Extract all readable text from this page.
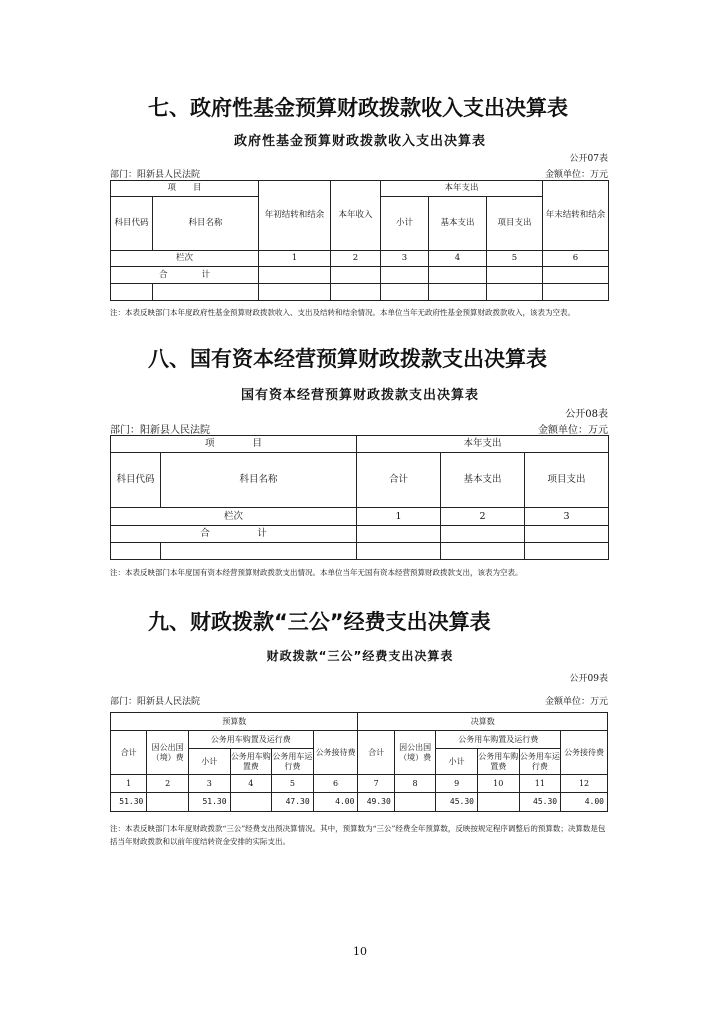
七、政府性基金预算财政拨款收入支出决算表
政府性基金预算财政拨款收入支出决算表
公开07表
部门：阳新县人民法院	金额单位：万元
项　　目		年初结转和结余	本年收入	本年支出			年末结转和结余
科目代码	科目名称			小计	基本支出	项目支出	
栏次		1	2	3	4	5	6
合　　　　计							

注：本表反映部门本年度政府性基金预算财政拨款收入、支出及结转和结余情况。本单位当年无政府性基金预算财政拨款收入，该表为空表。
八、国有资本经营预算财政拨款支出决算表
国有资本经营预算财政拨款支出决算表
公开08表
部门：阳新县人民法院	金额单位：万元
项　　　　目		本年支出		
科目代码	科目名称	合计	基本支出	项目支出
栏次		1	2	3
合　　　　　计				

注：本表反映部门本年度国有资本经营预算财政拨款支出情况。本单位当年无国有资本经营预算财政拨款支出，该表为空表。
九、财政拨款“三公”经费支出决算表
财政拨款“三公”经费支出决算表
公开09表
部门：阳新县人民法院	金额单位：万元
预算数						决算数					
合计	因公出国（境）费	公务用车购置及运行费			公务接待费	合计	因公出国（境）费	公务用车购置及运行费			公务接待费
		小计	公务用车购置费	公务用车运行费				小计	公务用车购置费	公务用车运行费	
1	2	3	4	5	6	7	8	9	10	11	12
51.30		51.30		47.30	4.00	49.30		45.30		45.30	4.00
注：本表反映部门本年度财政拨款“三公”经费支出预决算情况。其中，预算数为“三公”经费全年预算数，反映按规定程序调整后的预算数；决算数是包括当年财政拨款和以前年度结转资金安排的实际支出。
10
